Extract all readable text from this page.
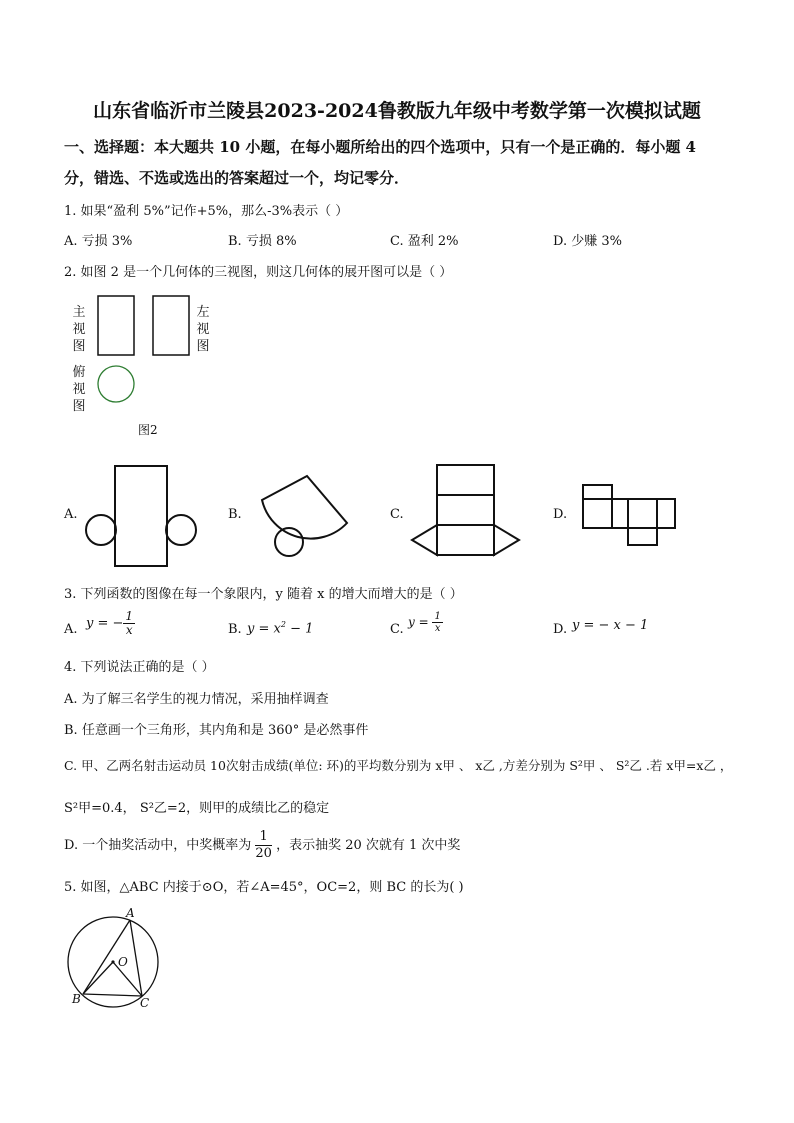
山东省临沂市兰陵县2023-2024鲁教版九年级中考数学第一次模拟试题
一、选择题：本大题共 10 小题，在每小题所给出的四个选项中，只有一个是正确的．每小题 4
分，错选、不选或选出的答案超过一个，均记零分．
1. 如果“盈利 5%”记作+5%，那么-3%表示（ ）
A. 亏损 3%	B. 亏损 8%	C. 盈利 2%	D. 少赚 3%
2. 如图 2 是一个几何体的三视图，则这几何体的展开图可以是（ ）
主视图
左视图
俯视图
图2
A.	B.	C.	D.
3. 下列函数的图像在每一个象限内，y 随着 x 的增大而增大的是（ ）
A. y = − $\frac{1}{x}$	B. $y = x^2 - 1$	C. $y = \frac{1}{x}$	D. y = − x − 1
4. 下列说法正确的是（ ）
A. 为了解三名学生的视力情况，采用抽样调查
B. 任意画一个三角形，其内角和是 360° 是必然事件
C. 甲、乙两名射击运动员 10次射击成绩(单位: 环)的平均数分别为 x甲 、 x乙 ,方差分别为 S²甲 、 S²乙 .若 x甲=x乙 ，
S²甲=0.4， S²乙=2，则甲的成绩比乙的稳定
D. 一个抽奖活动中，中奖概率为 $\frac{1}{20}$ ，表示抽奖 20 次就有 1 次中奖
5. 如图，△ABC 内接于⊙O，若∠A=45°，OC=2，则 BC 的长为( )
A
O
B	C
